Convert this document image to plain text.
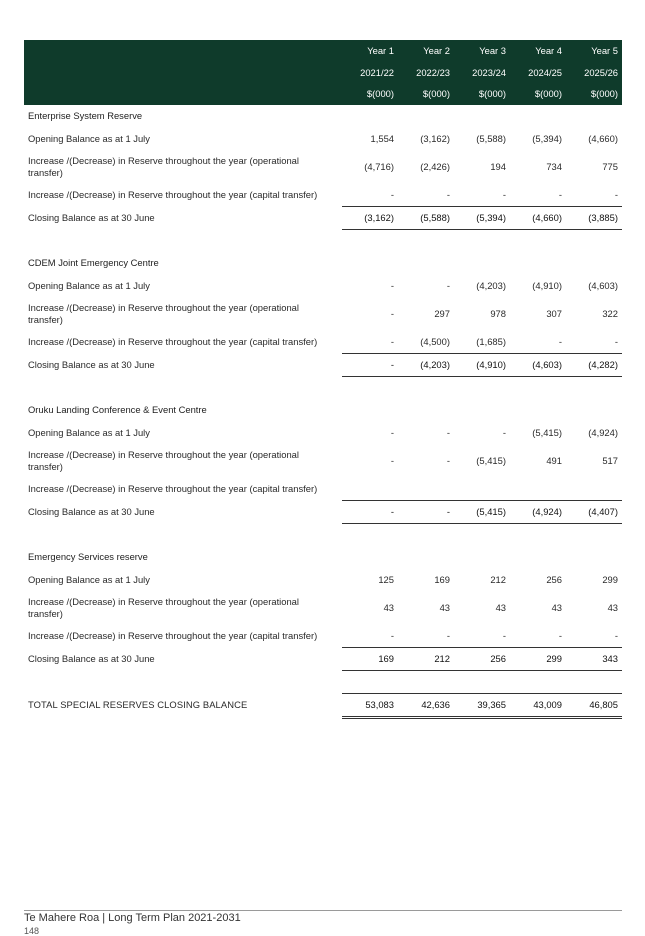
	Year 1	Year 2	Year 3	Year 4	Year 5
	2021/22	2022/23	2023/24	2024/25	2025/26
	$(000)	$(000)	$(000)	$(000)	$(000)
Enterprise System Reserve					
Opening Balance as at 1 July	1,554	(3,162)	(5,588)	(5,394)	(4,660)
Increase /(Decrease) in Reserve throughout the year (operational transfer)	(4,716)	(2,426)	194	734	775
Increase /(Decrease) in Reserve throughout the year (capital transfer)	-	-	-	-	-
Closing Balance as at 30 June	(3,162)	(5,588)	(5,394)	(4,660)	(3,885)

CDEM Joint Emergency Centre					
Opening Balance as at 1 July	-	-	(4,203)	(4,910)	(4,603)
Increase /(Decrease) in Reserve throughout the year (operational transfer)	-	297	978	307	322
Increase /(Decrease) in Reserve throughout the year (capital transfer)	-	(4,500)	(1,685)	-	-
Closing Balance as at 30 June	-	(4,203)	(4,910)	(4,603)	(4,282)

Oruku Landing Conference & Event Centre					
Opening Balance as at 1 July	-	-	-	(5,415)	(4,924)
Increase /(Decrease) in Reserve throughout the year (operational transfer)	-	-	(5,415)	491	517
Increase /(Decrease) in Reserve throughout the year (capital transfer)					
Closing Balance as at 30 June	-	-	(5,415)	(4,924)	(4,407)

Emergency Services reserve					
Opening Balance as at 1 July	125	169	212	256	299
Increase /(Decrease) in Reserve throughout the year (operational transfer)	43	43	43	43	43
Increase /(Decrease) in Reserve throughout the year (capital transfer)	-	-	-	-	-
Closing Balance as at 30 June	169	212	256	299	343

TOTAL SPECIAL RESERVES CLOSING BALANCE	53,083	42,636	39,365	43,009	46,805
Te Mahere Roa | Long Term Plan 2021-2031
148
